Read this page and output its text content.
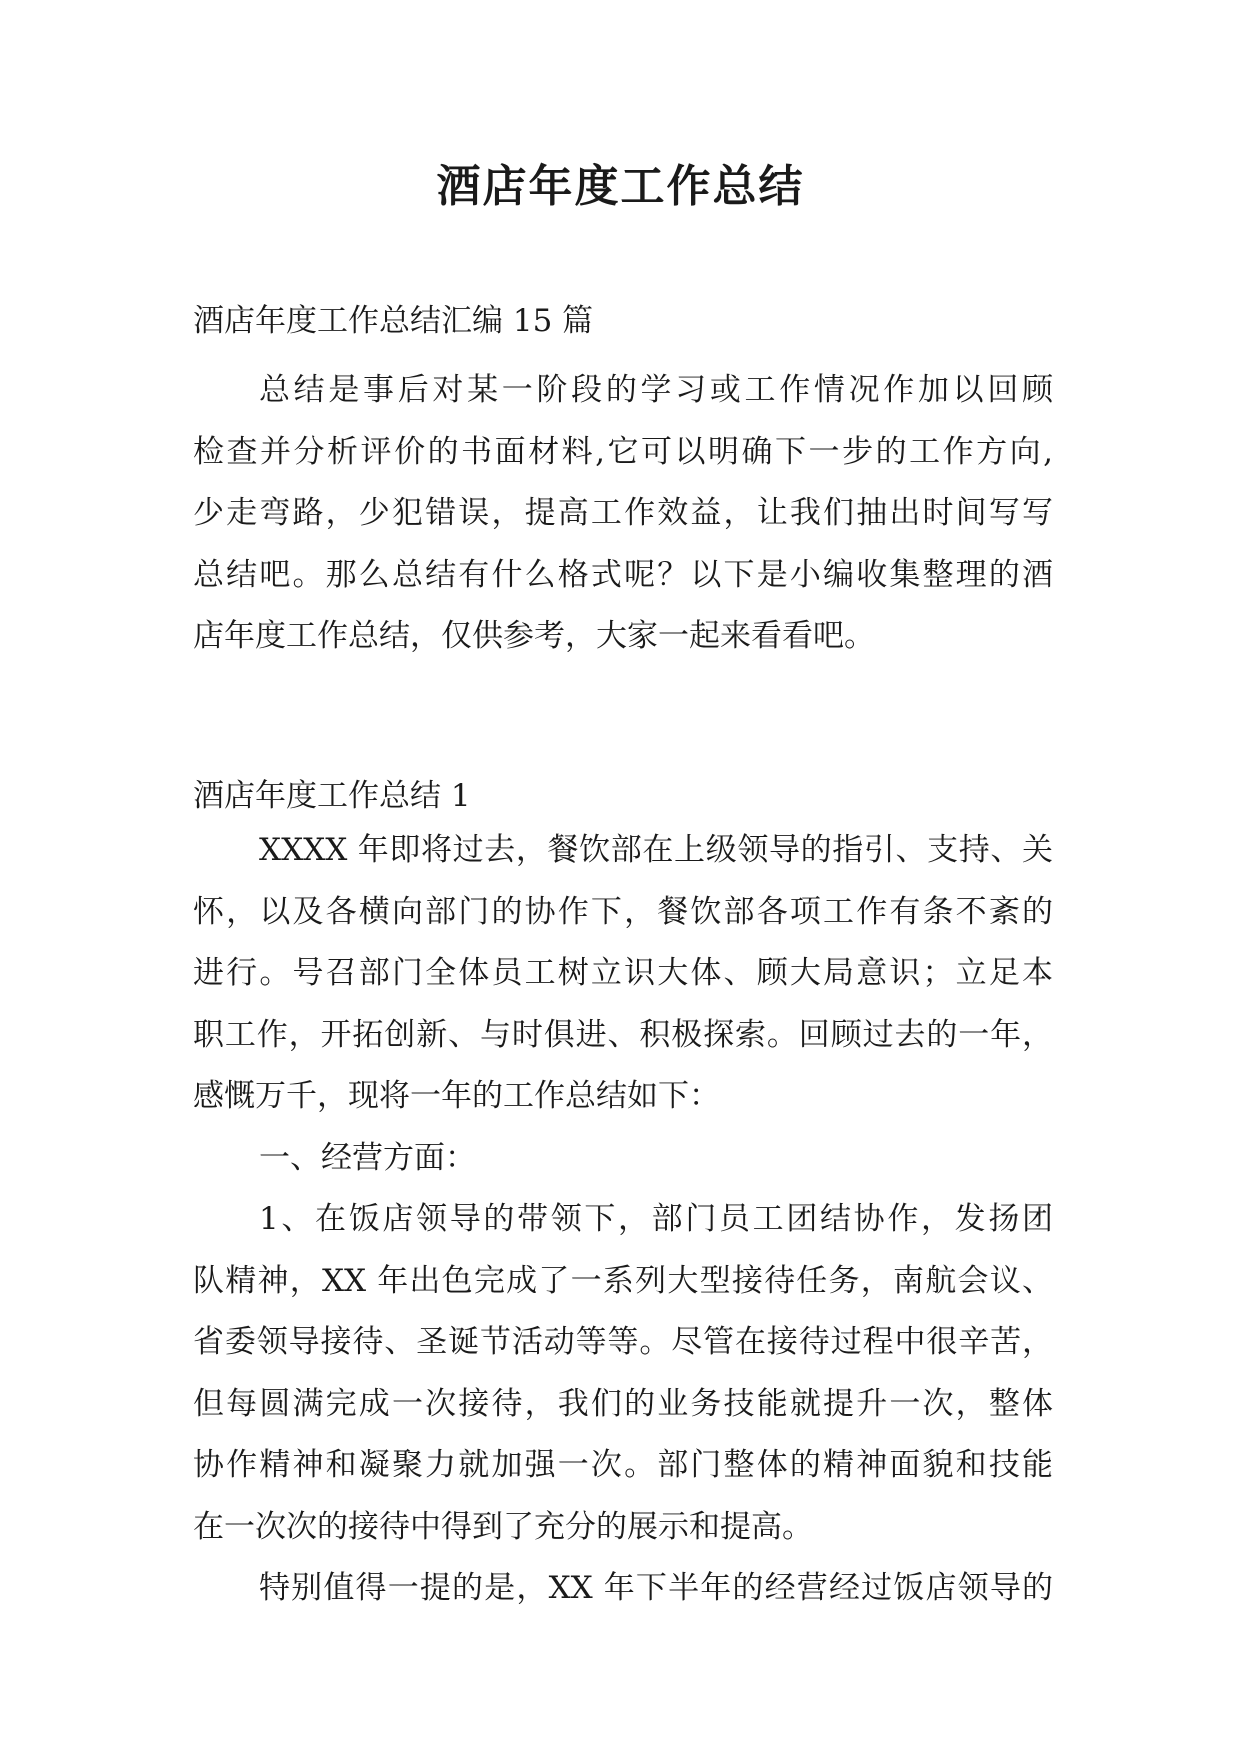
酒店年度工作总结

酒店年度工作总结汇编 15 篇

总结是事后对某一阶段的学习或工作情况作加以回顾
检查并分析评价的书面材料,它可以明确下一步的工作方向,
少走弯路，少犯错误，提高工作效益，让我们抽出时间写写
总结吧。那么总结有什么格式呢？以下是小编收集整理的酒
店年度工作总结，仅供参考，大家一起来看看吧。

酒店年度工作总结 1

XXXX 年即将过去，餐饮部在上级领导的指引、支持、关
怀，以及各横向部门的协作下，餐饮部各项工作有条不紊的
进行。号召部门全体员工树立识大体、顾大局意识；立足本
职工作，开拓创新、与时俱进、积极探索。回顾过去的一年，
感慨万千，现将一年的工作总结如下：
一、经营方面：
1、在饭店领导的带领下，部门员工团结协作，发扬团
队精神，XX 年出色完成了一系列大型接待任务，南航会议、
省委领导接待、圣诞节活动等等。尽管在接待过程中很辛苦，
但每圆满完成一次接待，我们的业务技能就提升一次，整体
协作精神和凝聚力就加强一次。部门整体的精神面貌和技能
在一次次的接待中得到了充分的展示和提高。
特别值得一提的是，XX 年下半年的经营经过饭店领导的
